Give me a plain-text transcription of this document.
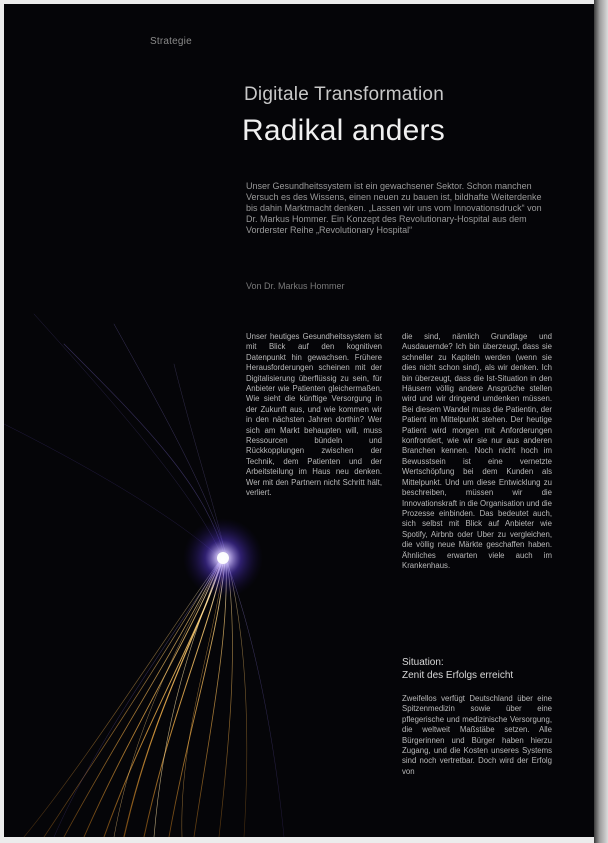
Strategie
Digitale Transformation
Radikal anders

Unser Gesundheitssystem ist ein gewachsener Sektor. Schon manchen Versuch es des Wissens, einen neuen zu bauen ist, bildhafte Weiterdenke bis dahin Marktmacht denken. „Lassen wir uns vom Innovationsdruck“ von Dr. Markus Hommer. Ein Konzept des Revolutionary-Hospital aus dem Vorderster Reihe „Revolutionary Hospital“

Von Dr. Markus Hommer

Unser heutiges Gesundheitssystem ist mit Blick auf den kognitiven Datenpunkt hin gewachsen. Frühere Herausforderungen scheinen mit der Digitalisierung überflüssig zu sein, für Anbieter wie Patienten gleichermaßen. Wie sieht die künftige Versorgung in der Zukunft aus, und wie kommen wir in den nächsten Jahren dorthin? Wer sich am Markt behaupten will, muss Ressourcen bündeln und Rückkopplungen zwischen der Technik, dem Patienten und der Arbeitsteilung im Haus neu denken. Wer mit den Partnern nicht Schritt hält, verliert.

die sind, nämlich Grundlage und Ausdauernde? Ich bin überzeugt, dass sie schneller zu Kapiteln werden (wenn sie dies nicht schon sind), als wir denken. Ich bin überzeugt, dass die Ist-Situation in den Häusern völlig andere Ansprüche stellen wird und wir dringend umdenken müssen. Bei diesem Wandel muss die Patientin, der Patient im Mittelpunkt stehen. Der heutige Patient wird morgen mit Anforderungen konfrontiert, wie wir sie nur aus anderen Branchen kennen. Noch nicht hoch im Bewusstsein ist eine vernetzte Wertschöpfung bei dem Kunden als Mittelpunkt. Und um diese Entwicklung zu beschreiben, müssen wir die Innovationskraft in die Organisation und die Prozesse einbinden. Das bedeutet auch, sich selbst mit Blick auf Anbieter wie Spotify, Airbnb oder Uber zu vergleichen, die völlig neue Märkte geschaffen haben. Ähnliches erwarten viele auch im Krankenhaus.

Situation:
Zenit des Erfolgs erreicht

Zweifellos verfügt Deutschland über eine Spitzenmedizin sowie über eine pflegerische und medizinische Versorgung, die weltweit Maßstäbe setzen. Alle Bürgerinnen und Bürger haben hierzu Zugang, und die Kosten unseres Systems sind noch vertretbar. Doch wird der Erfolg von
